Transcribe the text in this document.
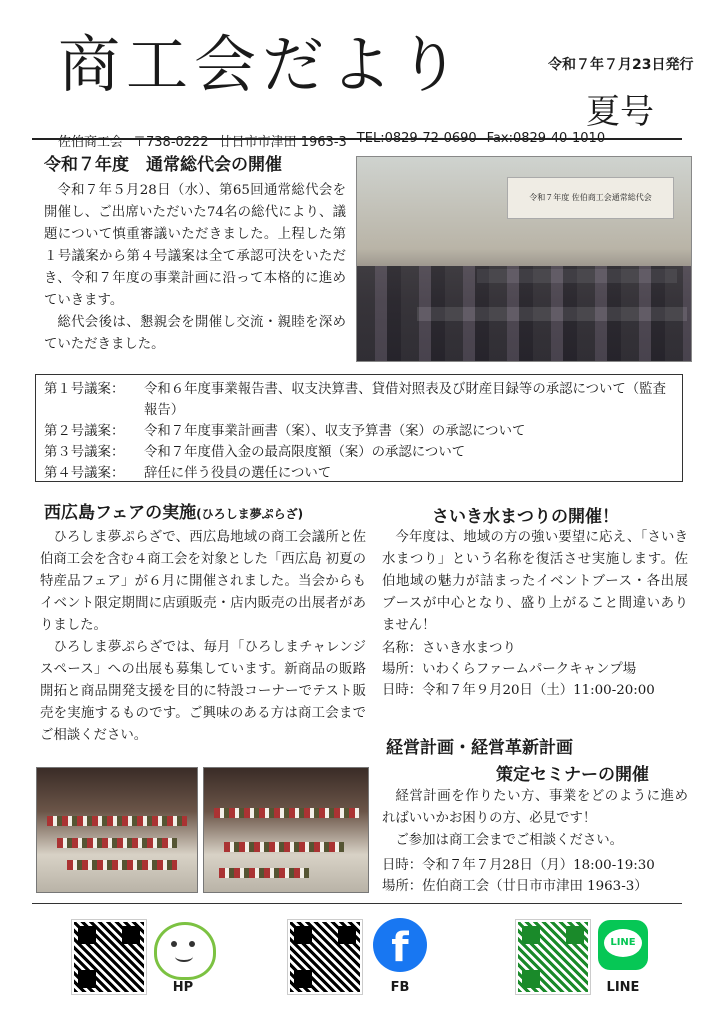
商工会だより	令和７年７月23日発行
夏号
佐伯商工会 〒738-0222 廿日市市津田 1963-3 TEL:0829-72-0690 Fax:0829-40-1010
令和７年度　通常総代会の開催

令和７年５月28日（水）、第65回通常総代会を開催し、ご出席いただいた74名の総代により、議題について慎重審議いただきました。上程した第１号議案から第４号議案は全て承認可決をいただき、令和７年度の事業計画に沿って本格的に進めていきます。

総代会後は、懇親会を開催し交流・親睦を深めていただきました。

令和７年度 佐伯商工会通常総代会
第１号議案：	令和６年度事業報告書、収支決算書、貸借対照表及び財産目録等の承認について（監査報告）
第２号議案：	令和７年度事業計画書（案）、収支予算書（案）の承認について
第３号議案：	令和７年度借入金の最高限度額（案）の承認について
第４号議案：	辞任に伴う役員の選任について
西広島フェアの実施(ひろしま夢ぷらざ)

ひろしま夢ぷらざで、西広島地域の商工会議所と佐伯商工会を含む４商工会を対象とした「西広島 初夏の特産品フェア」が６月に開催されました。当会からもイベント限定期間に店頭販売・店内販売の出展者がありました。

ひろしま夢ぷらざでは、毎月「ひろしまチャレンジスペース」への出展も募集しています。新商品の販路開拓と商品開発支援を目的に特設コーナーでテスト販売を実施するものです。ご興味のある方は商工会までご相談ください。

さいき水まつりの開催！

今年度は、地域の方の強い要望に応え、「さいき水まつり」という名称を復活させ実施します。佐伯地域の魅力が詰まったイベントブース・各出展ブースが中心となり、盛り上がること間違いありません！

名称：さいき水まつり
場所：いわくらファームパークキャンプ場
日時：令和７年９月20日（土）11:00-20:00
経営計画・経営革新計画
策定セミナーの開催

経営計画を作りたい方、事業をどのように進めればいいかお困りの方、必見です！

ご参加は商工会までご相談ください。

日時：令和７年７月28日（月）18:00-19:30
場所：佐伯商工会（廿日市市津田 1963-3）
HP
f
FB
LINE
LINE
